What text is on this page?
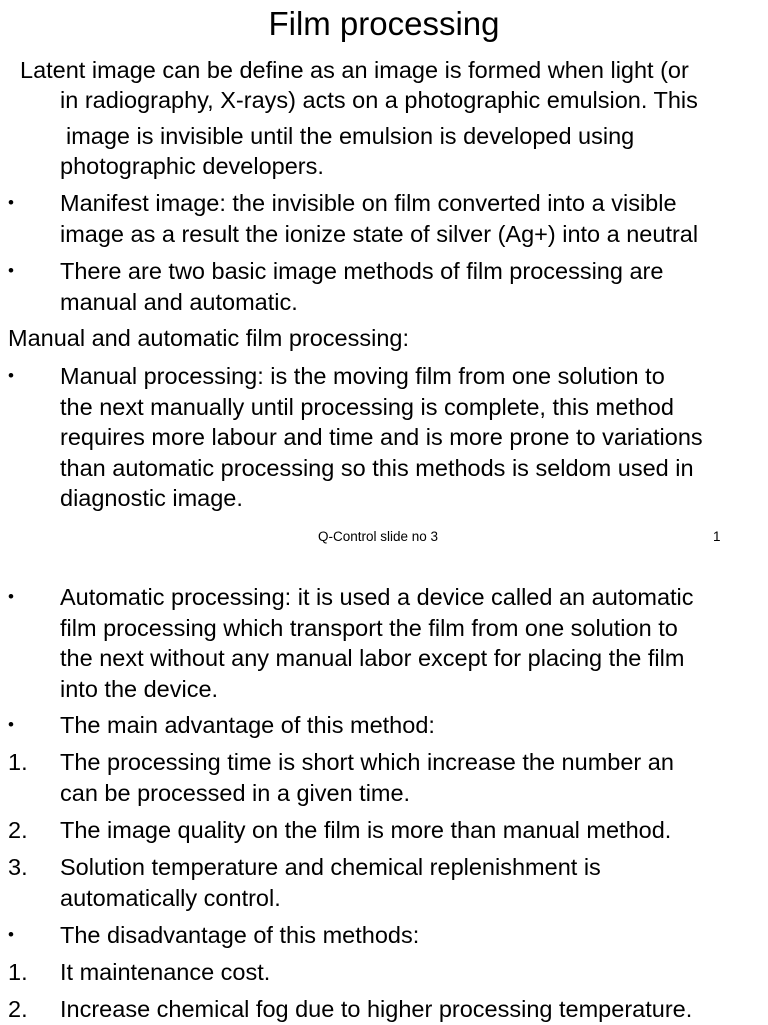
Film processing
Latent image can be define as an image is formed when light (or
in radiography, X-rays) acts on a photographic emulsion. This
image is invisible until the emulsion is developed using
photographic developers.
• Manifest image: the invisible on film converted into a visible
image as a result the ionize state of silver (Ag+) into a neutral
• There are two basic image methods of film processing are
manual and automatic.
Manual and automatic film processing:
• Manual processing: is the moving film from one solution to
the next manually until processing is complete, this method
requires more labour and time and is more prone to variations
than automatic processing so this methods is seldom used in
diagnostic image.
Q-Control slide no 3	1
• Automatic processing: it is used a device called an automatic
film processing which transport the film from one solution to
the next without any manual labor except for placing the film
into the device.
• The main advantage of this method:
1. The processing time is short which increase the number an
can be processed in a given time.
2. The image quality on the film is more than manual method.
3. Solution temperature and chemical replenishment is
automatically control.
• The disadvantage of this methods:
1. It maintenance cost.
2. Increase chemical fog due to higher processing temperature.
